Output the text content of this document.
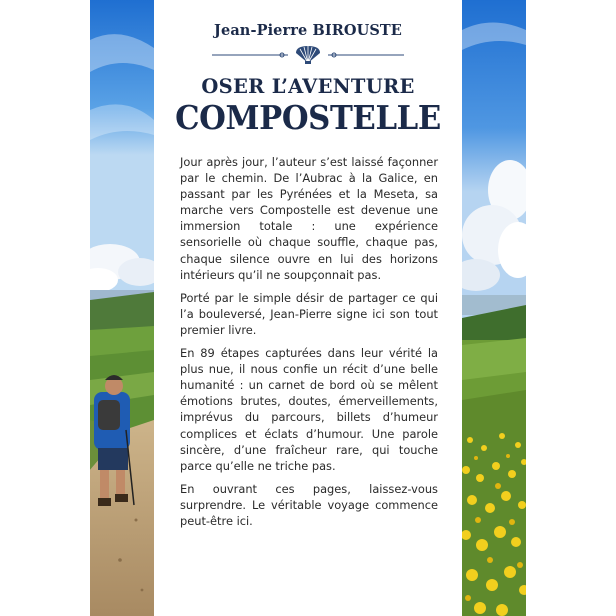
Jean-Pierre BIROUSTE
OSER L’AVENTURE
COMPOSTELLE

Jour après jour, l’auteur s’est laissé façonner par le chemin. De l’Aubrac à la Galice, en passant par les Pyrénées et la Meseta, sa marche vers Compostelle est devenue une immersion totale : une expérience sensorielle où chaque souffle, chaque pas, chaque silence ouvre en lui des horizons intérieurs qu’il ne soupçonnait pas.

Porté par le simple désir de partager ce qui l’a bouleversé, Jean-Pierre signe ici son tout premier livre.

En 89 étapes capturées dans leur vérité la plus nue, il nous confie un récit d’une belle humanité : un carnet de bord où se mêlent émotions brutes, doutes, émerveillements, imprévus du parcours, billets d’humeur complices et éclats d’humour. Une parole sincère, d’une fraîcheur rare, qui touche parce qu’elle ne triche pas.

En ouvrant ces pages, laissez-vous surprendre. Le véritable voyage commence peut-être ici.
